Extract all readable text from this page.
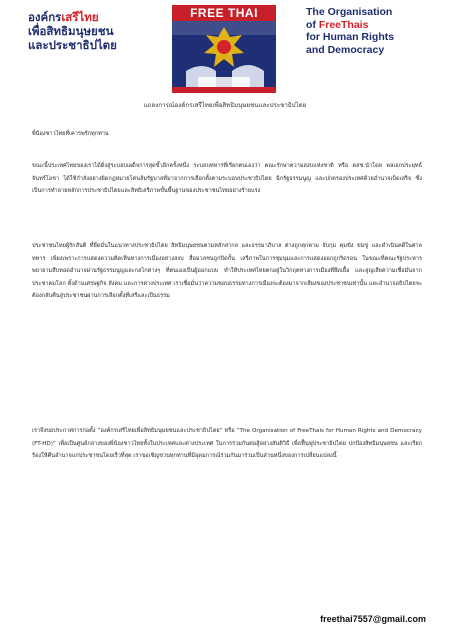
องค์กรเสรีไทย
เพื่อสิทธิมนุษยชน
และประชาธิปไตย
FREE THAI	The Organisation
of FreeThais
for Human Rights
and Democracy
แถลงการณ์องค์กรเสรีไทยเพื่อสิทธิมนุษยชนและประชาธิปไตย
พี่น้องชาวไทยที่เคารพรักทุกท่าน
ขณะนี้ประเทศไทยของเราได้ดิ่งสู่ระบอบเผด็จการสุดขั้วอีกครั้งหนึ่ง ระบอบทหารที่เรียกตนเองว่า คณะรักษาความสงบแห่งชาติ หรือ คสช.นำโดย พลเอกประยุทธ์ จันทร์โอชา ได้ใช้กำลังอย่างผิดกฎหมายโค่นล้มรัฐบาลที่มาจากการเลือกตั้งตามระบอบประชาธิปไตย ฉีกรัฐธรรมนูญ และปกครองประเทศด้วยอำนาจเบ็ดเสร็จ ซึ่งเป็นการทำลายหลักการประชาธิปไตยและสิทธิเสรีภาพขั้นพื้นฐานของประชาชนไทยอย่างร้ายแรง
ประชาชนไทยผู้รักสันติ ที่ยึดมั่นในแนวทางประชาธิปไตย สิทธิมนุษยชนตามหลักสากล และธรรมาภิบาล ต่างถูกคุกคาม จับกุม คุมขัง ข่มขู่ และดำเนินคดีในศาลทหาร เพียงเพราะการแสดงความคิดเห็นทางการเมืองอย่างสงบ สื่อมวลชนถูกปิดกั้น เสรีภาพในการชุมนุมและการแสดงออกถูกริดรอน ในขณะที่คณะรัฐประหารพยายามสืบทอดอำนาจผ่านรัฐธรรมนูญและกลไกต่างๆ ที่ตนเองเป็นผู้ออกแบบ ทำให้ประเทศไทยตกอยู่ในวิกฤตทางการเมืองที่ยืดเยื้อ และสูญเสียความเชื่อมั่นจากประชาคมโลก ทั้งด้านเศรษฐกิจ สังคม และการต่างประเทศ เราเชื่อมั่นว่าความชอบธรรมทางการเมืองจะต้องมาจากเสียงของประชาชนเท่านั้น และอำนาจอธิปไตยจะต้องกลับคืนสู่ประชาชนผ่านการเลือกตั้งที่เสรีและเป็นธรรม
เราจึงขอประกาศการก่อตั้ง “องค์กรเสรีไทยเพื่อสิทธิมนุษยชนและประชาธิปไตย” หรือ “The Organisation of FreeThais for Human Rights and Democracy (FT-HD)” เพื่อเป็นศูนย์กลางของพี่น้องชาวไทยทั้งในประเทศและต่างประเทศ ในการร่วมกันต่อสู้อย่างสันติวิธี เพื่อฟื้นฟูประชาธิปไตย ปกป้องสิทธิมนุษยชน และเรียกร้องให้คืนอำนาจแก่ประชาชนโดยเร็วที่สุด เราขอเชิญชวนทุกท่านที่มีอุดมการณ์ร่วมกันมาร่วมเป็นส่วนหนึ่งของการเปลี่ยนแปลงนี้
freethai7557@gmail.com
